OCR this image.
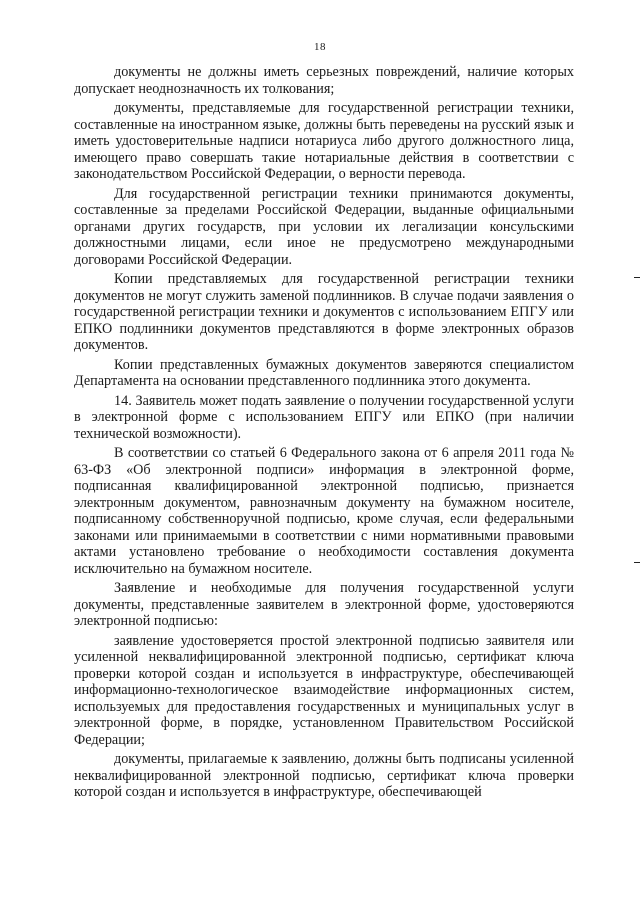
18

документы не должны иметь серьезных повреждений, наличие которых допускает неоднозначность их толкования;

документы, представляемые для государственной регистрации техники, составленные на иностранном языке, должны быть переведены на русский язык и иметь удостоверительные надписи нотариуса либо другого должностного лица, имеющего право совершать такие нотариальные действия в соответствии с законодательством Российской Федерации, о верности перевода.

Для государственной регистрации техники принимаются документы, составленные за пределами Российской Федерации, выданные официальными органами других государств, при условии их легализации консульскими должностными лицами, если иное не предусмотрено международными договорами Российской Федерации.

Копии представляемых для государственной регистрации техники документов не могут служить заменой подлинников. В случае подачи заявления о государственной регистрации техники и документов с использованием ЕПГУ или ЕПКО подлинники документов представляются в форме электронных образов документов.

Копии представленных бумажных документов заверяются специалистом Департамента на основании представленного подлинника этого документа.

14. Заявитель может подать заявление о получении государственной услуги в электронной форме с использованием ЕПГУ или ЕПКО (при наличии технической возможности).

В соответствии со статьей 6 Федерального закона от 6 апреля 2011 года № 63-ФЗ «Об электронной подписи» информация в электронной форме, подписанная квалифицированной электронной подписью, признается электронным документом, равнозначным документу на бумажном носителе, подписанному собственноручной подписью, кроме случая, если федеральными законами или принимаемыми в соответствии с ними нормативными правовыми актами установлено требование о необходимости составления документа исключительно на бумажном носителе.

Заявление и необходимые для получения государственной услуги документы, представленные заявителем в электронной форме, удостоверяются электронной подписью:

заявление удостоверяется простой электронной подписью заявителя или усиленной неквалифицированной электронной подписью, сертификат ключа проверки которой создан и используется в инфраструктуре, обеспечивающей информационно-технологическое взаимодействие информационных систем, используемых для предоставления государственных и муниципальных услуг в электронной форме, в порядке, установленном Правительством Российской Федерации;

документы, прилагаемые к заявлению, должны быть подписаны усиленной неквалифицированной электронной подписью, сертификат ключа проверки которой создан и используется в инфраструктуре, обеспечивающей
